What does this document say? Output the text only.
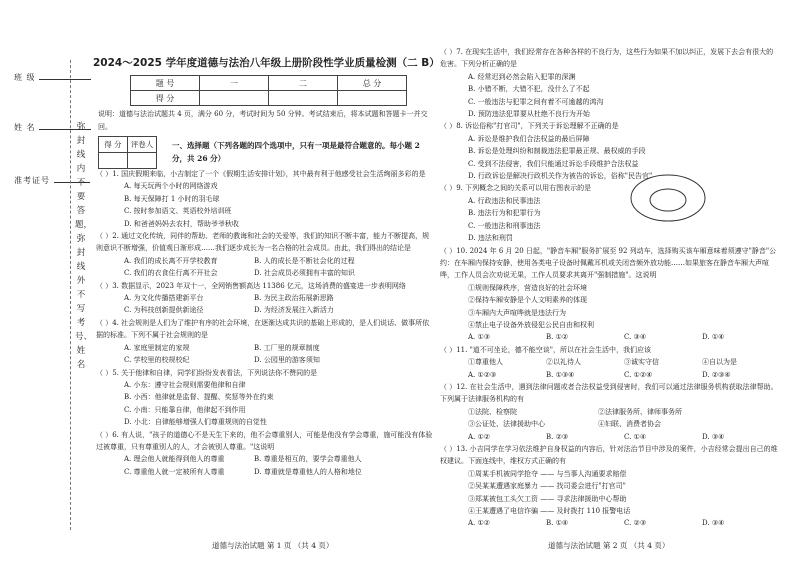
班 级
姓 名
准考证号
弥封线内不要答题，弥封线外不写考号、姓名
2024～2025 学年度道德与法治八年级上册阶段性学业质量检测（二 B）
题 号	一	二	总 分
得 分			
说明：道德与法治试题共 4 页，满分 60 分，考试时间为 50 分钟。考试结束后，将本试题和答题卡一并交回。
得 分	评卷人
		一、选择题（下列各题的四个选项中，只有一项是最符合题意的。每小题 2 分，共 26 分）

（ ）1. 国庆假期来临，小吉制定了一个《假期生活安排计划》，其中最有利于他感受社会生活绚丽多彩的是

A. 每天玩两个小时的网络游戏

B. 每天保障打 1 小时的羽毛球

C. 按时参加语文、英语校外培训班

D. 和爸爸妈妈去农村，帮助爷爷秋收

（ ）2. 通过文化传统，同伴的帮助、老师的教诲和社会的关爱等，我们的知识不断丰富，能力不断提高，规则意识不断增强，价值观日渐形成……我们逐步成长为一名合格的社会成员。由此，我们得出的结论是

A. 我们的成长离不开学校教育	B. 人的成长是不断社会化的过程

C. 我们的衣食住行离不开社会	D. 社会成员必须拥有丰富的知识

（ ）3. 数据显示，2023 年双十一，全网销售额高达 11386 亿元，这场消费的盛宴进一步表明网络

A. 为文化传播搭建新平台	B. 为民主政治拓展新思路

C. 为科技创新提供新途径	D. 为经济发展注入新活力

（ ）4. 社会规则是人们为了维护有序的社会环境，在逐渐达成共识的基础上形成的，是人们说话、做事所依据的标准。下列不属于社会规则的是

A. 家庭里制定的家规	B. 工厂里的规章制度

C. 学校里的校规校纪	D. 公园里的游客须知

（ ）5. 关于他律和自律，同学们纷纷发表看法，下列说法你不赞同的是

A. 小东：遵守社会规则需要他律和自律

B. 小西：他律就是监督、提醒、奖惩等外在约束

C. 小南：只能靠自律，他律起不到作用

D. 小北：自律能够增强人们尊重规则的自觉性

（ ）6. 有人说，"孩子的道德心不是天生下来的，他不会尊重别人，可能是他没有学会尊重，施可能没有体验过被尊重，只有尊重别人的人，才会被别人尊重。"这说明

A. 理会他人就能得到他人的尊重	B. 尊重是相互的，要学会尊重他人

C. 尊重他人就一定被所有人尊重	D. 尊重就是尊重他人的人格和地位

（ ）7. 在现实生活中，我们经常存在各种各样的不良行为，这些行为如果不加以纠正，发展下去会有很大的危害。下列分析正确的是

A. 经常迟到必然会陷入犯罪的深渊

B. 小错不断，大错不犯，没什么了不起

C. 一般违法与犯罪之间有着不可逾越的鸿沟

D. 预防违法犯罪要从杜绝不良行为开始

（ ）8. 诉讼俗称"打官司"，下列关于诉讼理解不正确的是

A. 诉讼是维护我们合法权益的最后屏障

B. 诉讼是处理纠纷和制裁违法犯罪最正规、最权威的手段

C. 受到不法侵害，我们只能通过诉讼手段维护合法权益

D. 行政诉讼是解决行政机关作为被告的诉讼，俗称"民告官"

（ ）9. 下列概念之间的关系可以用右图表示的是

A. 行政违法和民事违法

B. 违法行为和犯罪行为

C. 一般违法和刑事违法

D. 违法和刑罚

（ ）10. 2024 年 6 月 20 日起，"静音车厢"服务扩展至 92 列动车，选择购买该车厢意味着须遵守"静音"公约：在车厢内保持安静，使用各类电子设备时佩戴耳机或关闭音频外放功能……如果旅客在静音车厢大声喧哗，工作人员会次劝说无果，工作人员要求其离开"强制措施"。这说明

①规则保障秩序，营造良好的社会环境

②保持车厢安静是个人文明素养的体现

③车厢内大声喧哗就是违法行为

④禁止电子设备外放侵犯公民自由和权利

A. ①③	B. ①②	C. ③④	D. ①④

（ ）11. "道不可坐论，德不能空谈"，所以在社会生活中，我们应该

①尊重他人	②以礼待人	③诚实守信	④自以为是

A. ①②③	B. ①③④	C. ①②④	D. ②③④

（ ）12. 在社会生活中，遇到法律问题或者合法权益受到侵害时，我们可以通过法律服务机构获取法律帮助。下列属于法律服务机构的有

①法院、检察院	②法律服务所、律师事务所

③公证处、法律援助中心	④妇联、消费者协会

A. ①②	B. ②③	C. ①④	D. ③④

（ ）13. 小吉同学在学习依法维护自身权益的内容后，针对法治节目中涉及的案件，小吉经常会提出自己的维权建议。下面连线中，维权方式正确的有

①周某手机被同学抢夺 —— 与当事人沟通要求赔偿

②吴某某遭遇家庭暴力 —— 找司委会进行"打官司"

③郑某被包工头欠工资 —— 寻求法律援助中心帮助

④王某遭遇了电信诈骗 —— 及时拨打 110 报警电话

A. ①②	B. ①④	C. ②③	D. ③④

道德与法治试题 第 1 页 （共 4 页）	道德与法治试题 第 2 页 （共 4 页）
